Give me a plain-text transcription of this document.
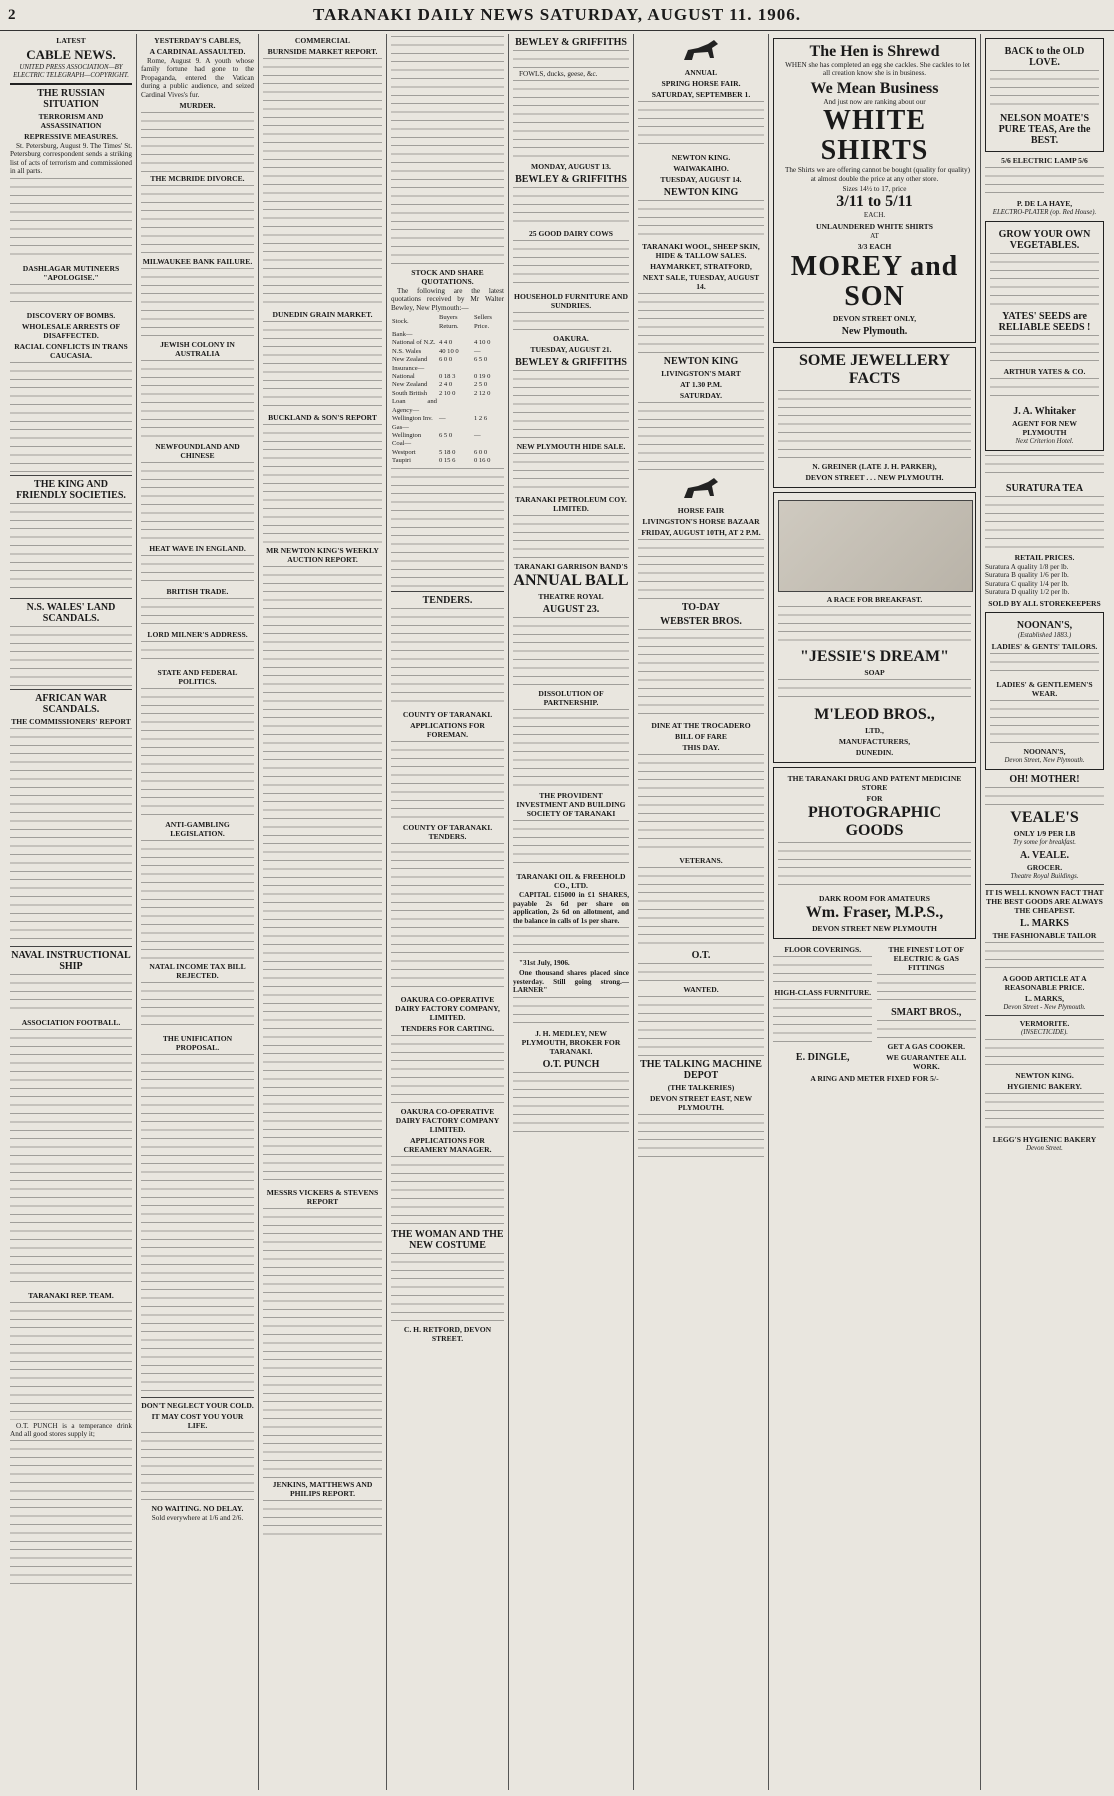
2	TARANAKI DAILY NEWS SATURDAY, AUGUST 11. 1906.
LATEST
CABLE NEWS.
UNITED PRESS ASSOCIATION—BY ELECTRIC TELEGRAPH—COPYRIGHT.
THE RUSSIAN SITUATION
TERRORISM AND ASSASSINATION
REPRESSIVE MEASURES.

St. Petersburg, August 9. The Times' St. Petersburg correspondent sends a striking list of acts of terrorism and commissioned in all parts.

DASHLAGAR MUTINEERS "APOLOGISE."
DISCOVERY OF BOMBS.
WHOLESALE ARRESTS OF DISAFFECTED.
RACIAL CONFLICTS IN TRANS CAUCASIA.
THE KING AND FRIENDLY SOCIETIES.
N.S. WALES' LAND SCANDALS.
AFRICAN WAR SCANDALS.
THE COMMISSIONERS' REPORT
NAVAL INSTRUCTIONAL SHIP
ASSOCIATION FOOTBALL.
TARANAKI REP. TEAM.

O.T. PUNCH is a temperance drink And all good stores supply it;

YESTERDAY'S CABLES,
A CARDINAL ASSAULTED.

Rome, August 9. A youth whose family fortune had gone to the Propaganda, entered the Vatican during a public audience, and seized Cardinal Vives's fur.

MURDER.
THE MCBRIDE DIVORCE.
MILWAUKEE BANK FAILURE.
JEWISH COLONY IN AUSTRALIA
NEWFOUNDLAND AND CHINESE
HEAT WAVE IN ENGLAND.
BRITISH TRADE.
LORD MILNER'S ADDRESS.
STATE AND FEDERAL POLITICS.
ANTI-GAMBLING LEGISLATION.
NATAL INCOME TAX BILL REJECTED.
THE UNIFICATION PROPOSAL.
DON'T NEGLECT YOUR COLD.
IT MAY COST YOU YOUR LIFE.
NO WAITING. NO DELAY.
Sold everywhere at 1/6 and 2/6.
COMMERCIAL
BURNSIDE MARKET REPORT.
DUNEDIN GRAIN MARKET.
BUCKLAND & SON'S REPORT
MR NEWTON KING'S WEEKLY AUCTION REPORT.
MESSRS VICKERS & STEVENS REPORT
JENKINS, MATTHEWS AND PHILIPS REPORT.
STOCK AND SHARE QUOTATIONS.

The following are the latest quotations received by Mr Walter Bewley, New Plymouth:—

Stock.	Buyers Return.	Sellers Price.
Bank—		
National of N.Z.	4 4 0	4 10 0
N.S. Wales	40 10 0	—
New Zealand	6 0 0	6 5 0
Insurance—		
National	0 18 3	0 19 0
New Zealand	2 4 0	2 5 0
South British	2 10 0	2 12 0
Loan and Agency—		
Wellington Inv.	—	1 2 6
Gas—		
Wellington	6 5 0	—
Coal—		
Westport	5 18 0	6 0 0
Taupiri	0 15 6	0 16 0
TENDERS.
COUNTY OF TARANAKI.
APPLICATIONS FOR FOREMAN.
COUNTY OF TARANAKI. TENDERS.
OAKURA CO-OPERATIVE DAIRY FACTORY COMPANY, LIMITED.
TENDERS FOR CARTING.
OAKURA CO-OPERATIVE DAIRY FACTORY COMPANY LIMITED.
APPLICATIONS FOR CREAMERY MANAGER.
THE WOMAN AND THE NEW COSTUME
C. H. RETFORD, DEVON STREET.
BEWLEY & GRIFFITHS

FOWLS, ducks, geese, &c.

MONDAY, AUGUST 13.
BEWLEY & GRIFFITHS
25 GOOD DAIRY COWS
HOUSEHOLD FURNITURE AND SUNDRIES.
OAKURA.
TUESDAY, AUGUST 21.
BEWLEY & GRIFFITHS
NEW PLYMOUTH HIDE SALE.
TARANAKI PETROLEUM COY. LIMITED.
TARANAKI GARRISON BAND'S
ANNUAL BALL
THEATRE ROYAL
AUGUST 23.
DISSOLUTION OF PARTNERSHIP.
THE PROVIDENT INVESTMENT AND BUILDING SOCIETY OF TARANAKI
TARANAKI OIL & FREEHOLD CO., LTD.

CAPITAL £15000 in £1 SHARES, payable 2s 6d per share on application, 2s 6d on allotment, and the balance in calls of 1s per share.

"31st July, 1906.

One thousand shares placed since yesterday. Still going strong.—LARNER"

J. H. MEDLEY, NEW PLYMOUTH, BROKER FOR TARANAKI.
O.T. PUNCH
ANNUAL
SPRING HORSE FAIR.
SATURDAY, SEPTEMBER 1.
NEWTON KING.
WAIWAKAIHO.
TUESDAY, AUGUST 14.
NEWTON KING
TARANAKI WOOL, SHEEP SKIN, HIDE & TALLOW SALES.
HAYMARKET, STRATFORD,
NEXT SALE, TUESDAY, AUGUST 14.
NEWTON KING
LIVINGSTON'S MART
AT 1.30 P.M.
SATURDAY.
HORSE FAIR
LIVINGSTON'S HORSE BAZAAR
FRIDAY, AUGUST 10TH, AT 2 P.M.
TO-DAY
WEBSTER BROS.
DINE AT THE TROCADERO
BILL OF FARE
THIS DAY.
VETERANS.
O.T.
WANTED.
THE TALKING MACHINE DEPOT
(THE TALKERIES)
DEVON STREET EAST, NEW PLYMOUTH.
The Hen is Shrewd

WHEN she has completed an egg she cackles. She cackles to let all creation know she is in business.

We Mean Business
And just now are ranking about our
WHITE SHIRTS

The Shirts we are offering cannot be bought (quality for quality) at almost double the price at any other store.

Sizes 14½ to 17, price
3/11 to 5/11
EACH.
UNLAUNDERED WHITE SHIRTS
AT
3/3 EACH
MOREY and SON
DEVON STREET ONLY,
New Plymouth.
SOME JEWELLERY FACTS
N. GREINER (LATE J. H. PARKER),
DEVON STREET . . . NEW PLYMOUTH.
A RACE FOR BREAKFAST.
"JESSIE'S DREAM"
SOAP
M'LEOD BROS.,
LTD.,
MANUFACTURERS,
DUNEDIN.
THE TARANAKI DRUG AND PATENT MEDICINE STORE
FOR
PHOTOGRAPHIC
GOODS
DARK ROOM FOR AMATEURS
Wm. Fraser, M.P.S.,
DEVON STREET NEW PLYMOUTH
FLOOR COVERINGS.
HIGH-CLASS FURNITURE.
E. DINGLE,
THE FINEST LOT OF ELECTRIC & GAS FITTINGS
SMART BROS.,
GET A GAS COOKER.
WE GUARANTEE ALL WORK.
A RING AND METER FIXED FOR 5/-
BACK to the OLD LOVE.
NELSON MOATE'S PURE TEAS, Are the BEST.
5/6 ELECTRIC LAMP 5/6
P. DE LA HAYE,
ELECTRO-PLATER (op. Red House).
GROW YOUR OWN VEGETABLES.
YATES' SEEDS are RELIABLE SEEDS !
ARTHUR YATES & CO.
J. A. Whitaker
AGENT FOR NEW PLYMOUTH
Next Criterion Hotel.
SURATURA TEA
RETAIL PRICES.
Suratura A quality 1/8 per lb.
Suratura B quality 1/6 per lb.
Suratura C quality 1/4 per lb.
Suratura D quality 1/2 per lb.
SOLD BY ALL STOREKEEPERS
NOONAN'S,
(Established 1883.)
LADIES' & GENTS' TAILORS.
LADIES' & GENTLEMEN'S WEAR.
NOONAN'S,
Devon Street, New Plymouth.
OH! MOTHER!
VEALE'S
ONLY 1/9 PER LB
Try some for breakfast.
A. VEALE.
GROCER.
Theatre Royal Buildings.
IT IS WELL KNOWN FACT THAT THE BEST GOODS ARE ALWAYS THE CHEAPEST.
L. MARKS
THE FASHIONABLE TAILOR
A GOOD ARTICLE AT A REASONABLE PRICE.
L. MARKS,
Devon Street - New Plymouth.
VERMORITE.
(INSECTICIDE).
NEWTON KING.
HYGIENIC BAKERY.
LEGG'S HYGIENIC BAKERY
Devon Street.
